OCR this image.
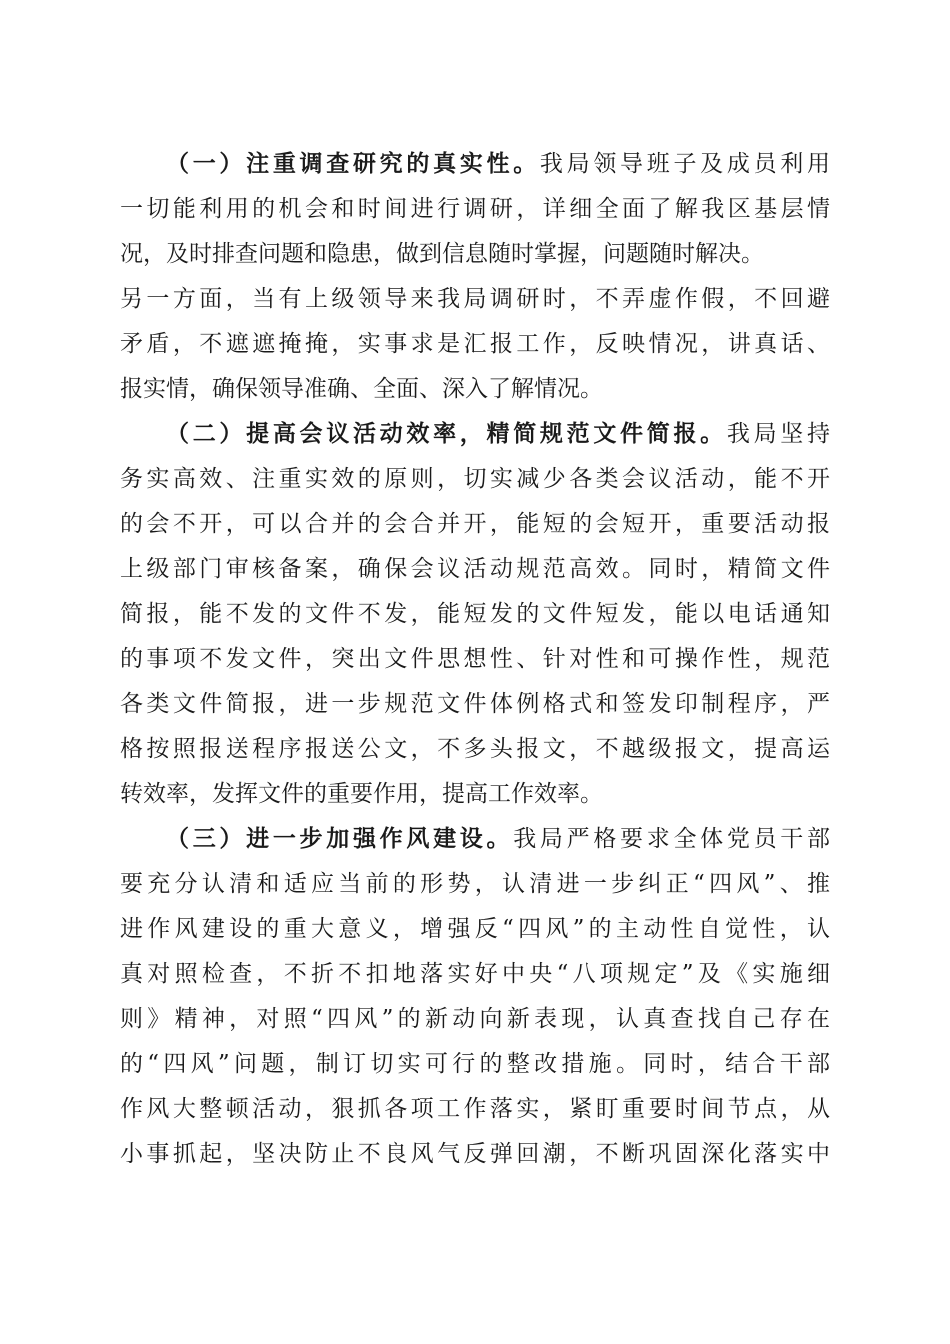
（一）注重调查研究的真实性。我局领导班子及成员利用
一切能利用的机会和时间进行调研，详细全面了解我区基层情
况，及时排查问题和隐患，做到信息随时掌握，问题随时解决。
另一方面，当有上级领导来我局调研时，不弄虚作假，不回避
矛盾，不遮遮掩掩，实事求是汇报工作，反映情况，讲真话、
报实情，确保领导准确、全面、深入了解情况。
（二）提高会议活动效率，精简规范文件简报。我局坚持
务实高效、注重实效的原则，切实减少各类会议活动，能不开
的会不开，可以合并的会合并开，能短的会短开，重要活动报
上级部门审核备案，确保会议活动规范高效。同时，精简文件
简报，能不发的文件不发，能短发的文件短发，能以电话通知
的事项不发文件，突出文件思想性、针对性和可操作性，规范
各类文件简报，进一步规范文件体例格式和签发印制程序，严
格按照报送程序报送公文，不多头报文，不越级报文，提高运
转效率，发挥文件的重要作用，提高工作效率。
（三）进一步加强作风建设。我局严格要求全体党员干部
要充分认清和适应当前的形势，认清进一步纠正“四风”、推
进作风建设的重大意义，增强反“四风”的主动性自觉性，认
真对照检查，不折不扣地落实好中央“八项规定”及《实施细
则》精神，对照“四风”的新动向新表现，认真查找自己存在
的“四风”问题，制订切实可行的整改措施。同时，结合干部
作风大整顿活动，狠抓各项工作落实，紧盯重要时间节点，从
小事抓起，坚决防止不良风气反弹回潮，不断巩固深化落实中
